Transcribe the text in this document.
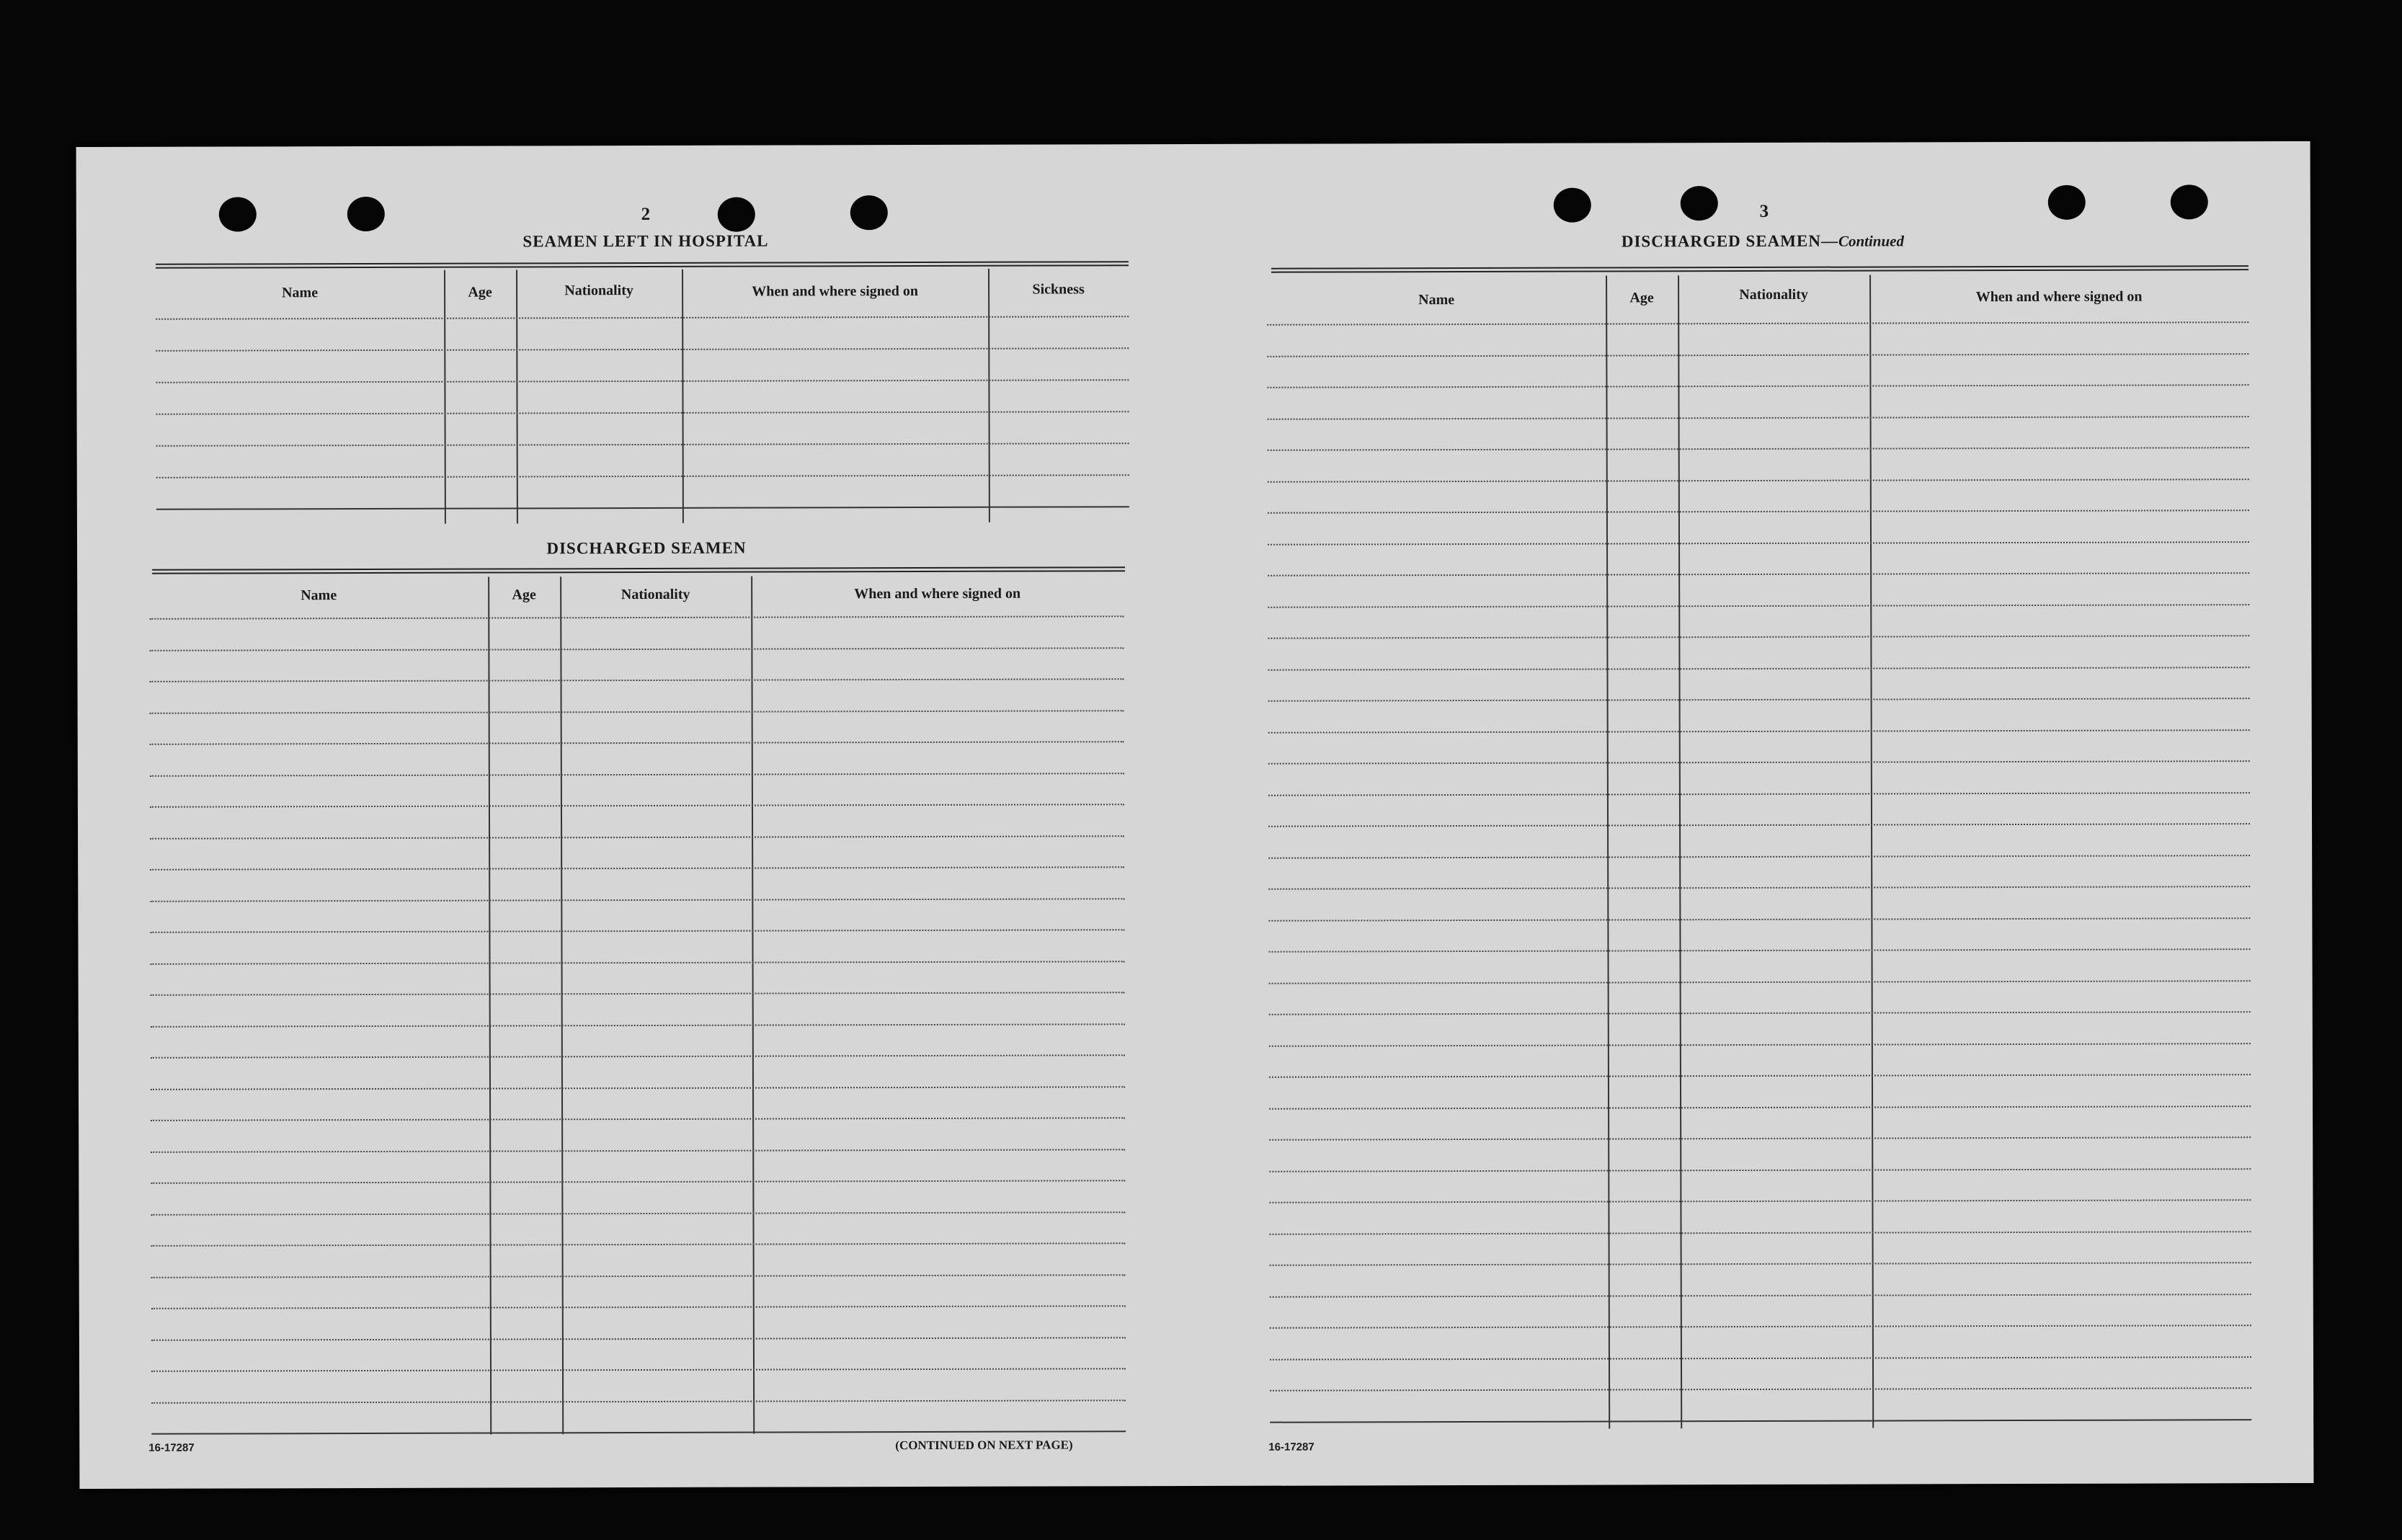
2
SEAMEN LEFT IN HOSPITAL
Name	Age	Nationality	When and where signed on	Sickness
DISCHARGED SEAMEN
Name	Age	Nationality	When and where signed on
16-17287	(CONTINUED ON NEXT PAGE)
3
DISCHARGED SEAMEN—Continued
Name	Age	Nationality	When and where signed on
16-17287
